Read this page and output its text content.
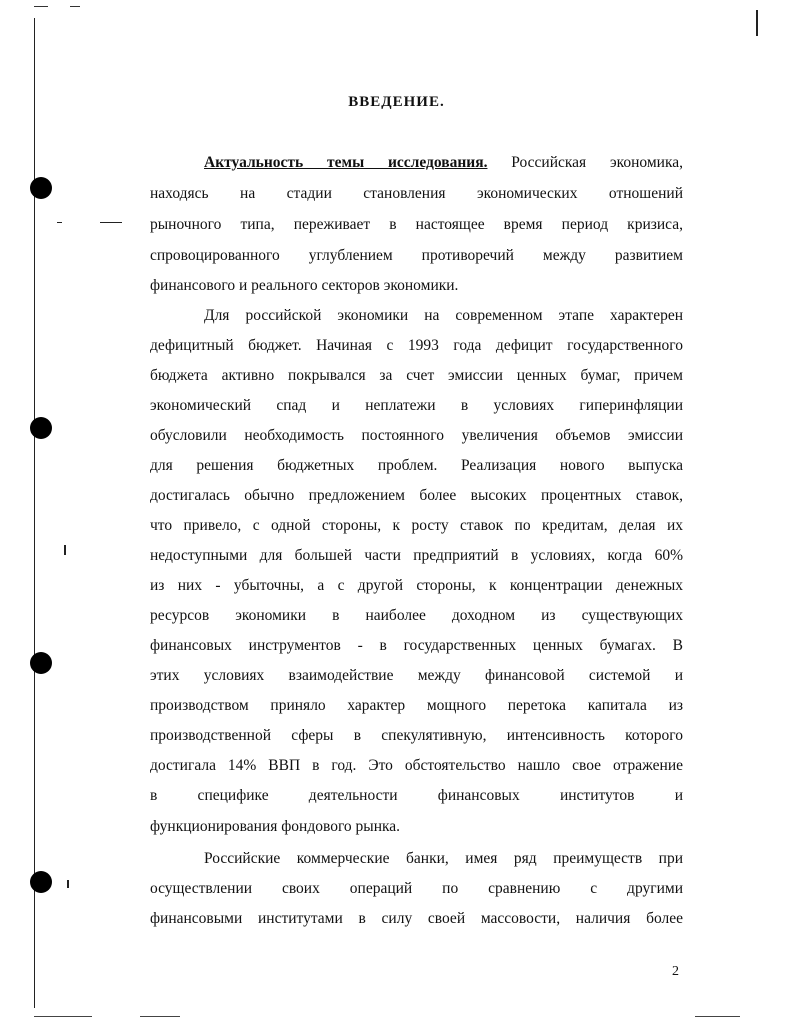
ВВЕДЕНИЕ.
Актуальность темы исследования. Российская экономика,
находясь на стадии становления экономических отношений
рыночного типа, переживает в настоящее время период кризиса,
спровоцированного углублением противоречий между развитием
финансового и реального секторов экономики.
Для российской экономики на современном этапе характерен
дефицитный бюджет. Начиная с 1993 года дефицит государственного
бюджета активно покрывался за счет эмиссии ценных бумаг, причем
экономический спад и неплатежи в условиях гиперинфляции
обусловили необходимость постоянного увеличения объемов эмиссии
для решения бюджетных проблем. Реализация нового выпуска
достигалась обычно предложением более высоких процентных ставок,
что привело, с одной стороны, к росту ставок по кредитам, делая их
недоступными для большей части предприятий в условиях, когда 60%
из них - убыточны, а с другой стороны, к концентрации денежных
ресурсов экономики в наиболее доходном из существующих
финансовых инструментов - в государственных ценных бумагах. В
этих условиях взаимодействие между финансовой системой и
производством приняло характер мощного перетока капитала из
производственной сферы в спекулятивную, интенсивность которого
достигала 14% ВВП в год. Это обстоятельство нашло свое отражение
в специфике деятельности финансовых институтов и
функционирования фондового рынка.
Российские коммерческие банки, имея ряд преимуществ при
осуществлении своих операций по сравнению с другими
финансовыми институтами в силу своей массовости, наличия более
2
